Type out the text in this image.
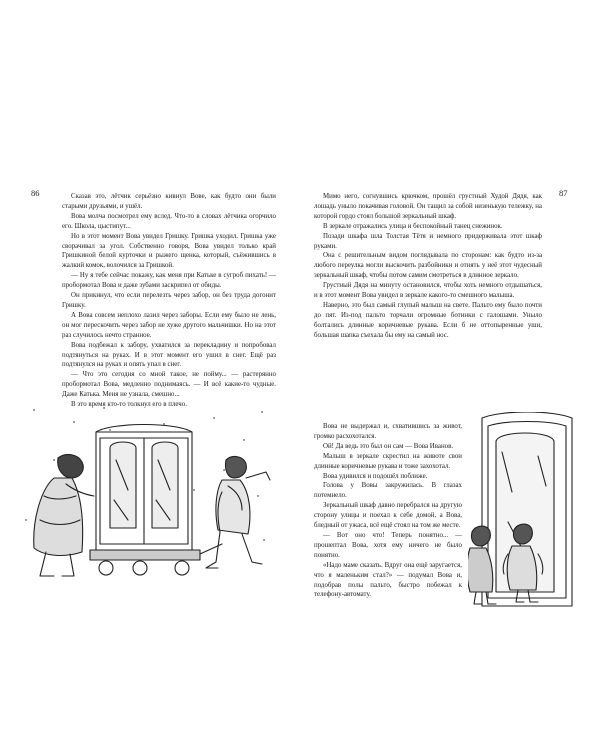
86	Сказав это, лётчик серьёзно кивнул Вове, как будто они были старыми друзьями, и ушёл.

Вова молча посмотрел ему вслед. Что-то в словах лётчика огорчило его. Школа, цыстипут...

Но в этот момент Вова увидел Гришку. Гришка уходил. Гришка уже сворачивал за угол. Собственно говоря, Вова увидел только край Гришкиной белой курточки и рыжего щенка, который, съёжившись в жалкий комок, волочился за Гришкой.

— Ну я тебе сейчас покажу, как меня при Катьке в сугроб пихать! — пробормотал Вова и даже зубами заскрипел от обиды.

Он прикинул, что если перелезть через забор, он без труда догонит Гришку.

А Вова совсем неплохо лазил через заборы. Если ему было не лень, он мог перескочить через забор не хуже другого мальчишки. Но на этот раз случилось нечто странное.

Вова подбежал к забору, ухватился за перекладину и попробовал подтянуться на руках. И в этот момент его ушил в снег. Ещё раз подтянулся на руках и опять упал в снег.

— Что это сегодня со мной такое, не пойму... — растерянно пробормотал Вова, медленно поднимаясь. — И всё какие-то чудные. Даже Катька. Меня не узнала, смешно...

В это время кто-то толкнул его в плечо.

87

Мимо него, согнувшись крючком, прошёл грустный Худой Дядя, как лошадь уныло покачивая головой. Он тащил за собой низенькую тележку, на которой гордо стоял большой зеркальный шкаф.

В зеркале отражались улица и беспокойный танец снежинок.

Позади шкафа шла Толстая Тётя и немного придерживала этот шкаф руками.

Она с решительным видом поглядывала по сторонам: как будто из-за любого переулка могли выскочить разбойники и отнять у неё этот чудесный зеркальный шкаф, чтобы потом самим смотреться в длинное зеркало.

Грустный Дядя на минуту остановился, чтобы хоть немного отдышаться, и в этот момент Вова увидел в зеркале какого-то смешного малыша.

Наверно, это был самый глупый малыш на свете. Пальто ему было почти до пят. Из-под пальто торчали огромные ботинки с галошами. Уныло болтались длинные коричневые рукава. Если б не оттопыренные уши, большая шапка съехала бы ему на самый нос.

Вова не выдержал и, схватившись за живот, громко расхохотался.

Ой! Да ведь это был он сам — Вова Иванов.

Малыш в зеркале скрестил на животе свои длинные коричневые рукава и тоже захохотал.

Вова удивился и подошёл поближе.

Голова у Вовы закружилась. В глазах потемнело.

Зеркальный шкаф давно перебрался на другую сторону улицы и поехал к себе домой, а Вова, бледный от ужаса, всё ещё стоял на том же месте.

— Вот оно что! Теперь понятно... — прошептал Вова, хотя ему ничего не было понятно.

«Надо маме сказать. Вдруг она ещё заругается, что я маленьким стал?» — подумал Вова и, подобрав полы пальто, быстро побежал к телефону-автомату.
